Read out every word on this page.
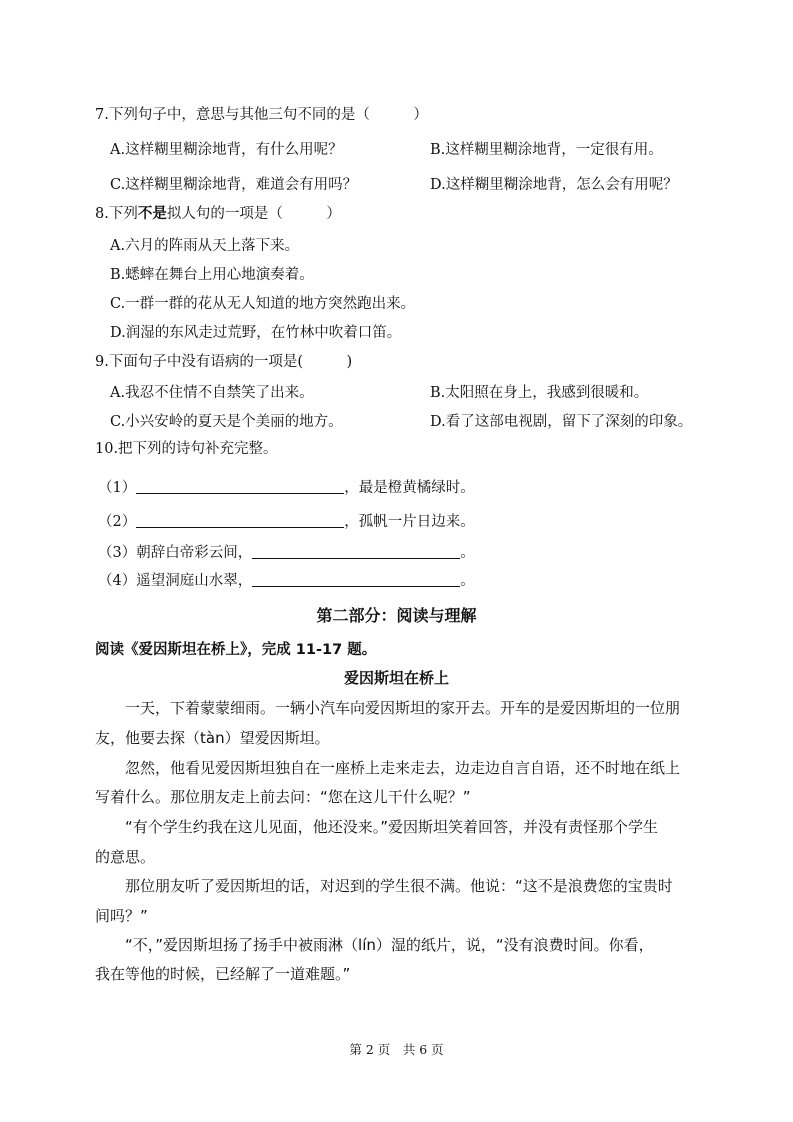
7.下列句子中，意思与其他三句不同的是（　　　）
A.这样糊里糊涂地背，有什么用呢？	B.这样糊里糊涂地背，一定很有用。
C.这样糊里糊涂地背，难道会有用吗？	D.这样糊里糊涂地背，怎么会有用呢？
8.下列不是拟人句的一项是（　　　）
A.六月的阵雨从天上落下来。
B.蟋蟀在舞台上用心地演奏着。
C.一群一群的花从无人知道的地方突然跑出来。
D.润湿的东风走过荒野，在竹林中吹着口笛。
9.下面句子中没有语病的一项是(　　　)
A.我忍不住情不自禁笑了出来。	B.太阳照在身上，我感到很暖和。
C.小兴安岭的夏天是个美丽的地方。	D.看了这部电视剧，留下了深刻的印象。
10.把下列的诗句补充完整。
（1）	，最是橙黄橘绿时。
（2）	，孤帆一片日边来。
（3）朝辞白帝彩云间，	。
（4）遥望洞庭山水翠，	。
第二部分：阅读与理解
阅读《爱因斯坦在桥上》，完成 11-17 题。
爱因斯坦在桥上
　　一天，下着蒙蒙细雨。一辆小汽车向爱因斯坦的家开去。开车的是爱因斯坦的一位朋
友，他要去探（tàn）望爱因斯坦。
　　忽然，他看见爱因斯坦独自在一座桥上走来走去，边走边自言自语，还不时地在纸上
写着什么。那位朋友走上前去问：“您在这儿干什么呢？”
　　“有个学生约我在这儿见面，他还没来。”爱因斯坦笑着回答，并没有责怪那个学生
的意思。
　　那位朋友听了爱因斯坦的话，对迟到的学生很不满。他说：“这不是浪费您的宝贵时
间吗？”
　　“不，”爱因斯坦扬了扬手中被雨淋（lín）湿的纸片，说，“没有浪费时间。你看，
我在等他的时候，已经解了一道难题。”
第 2 页　共 6 页
